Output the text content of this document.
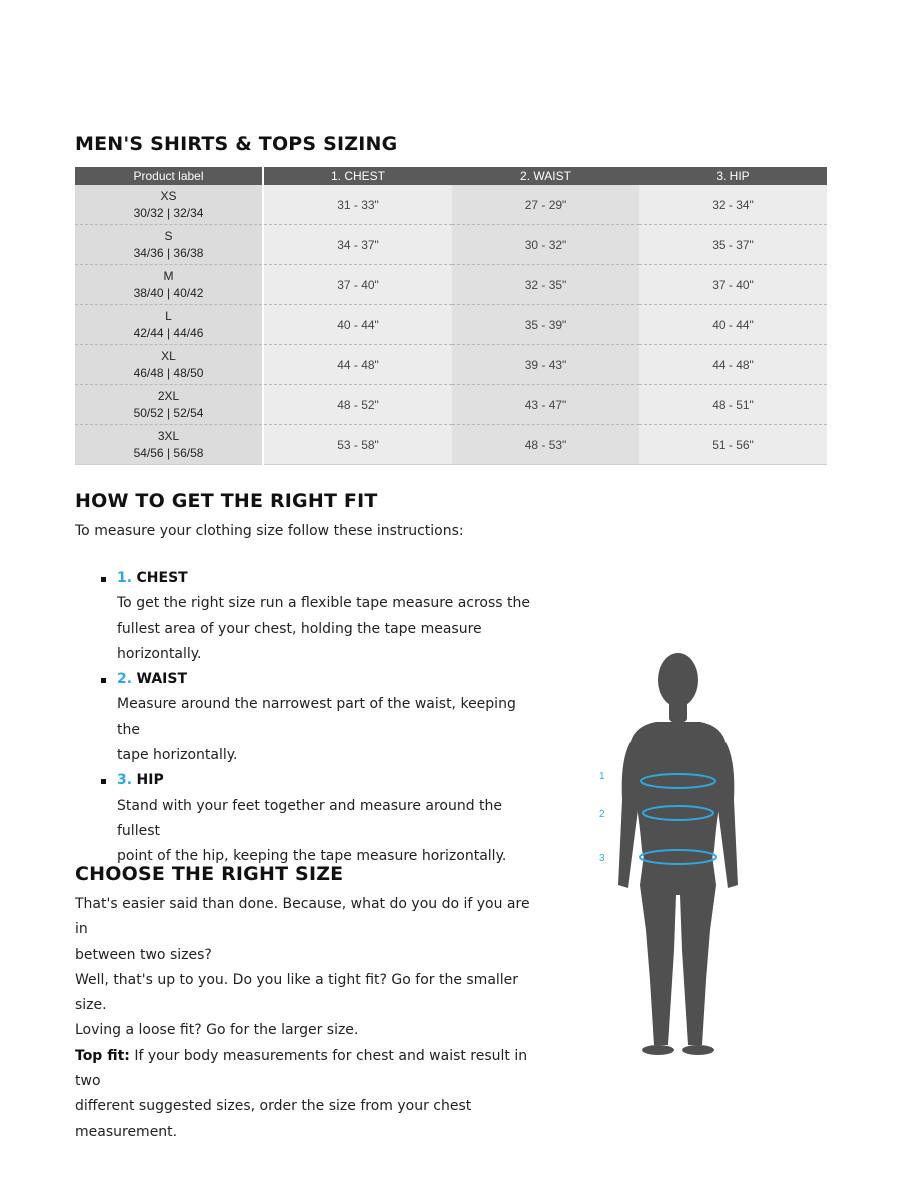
MEN'S SHIRTS & TOPS SIZING
Product label	1. CHEST	2. WAIST	3. HIP
XS
30/32 | 32/34	31 - 33"	27 - 29"	32 - 34"
S
34/36 | 36/38	34 - 37"	30 - 32"	35 - 37"
M
38/40 | 40/42	37 - 40"	32 - 35"	37 - 40"
L
42/44 | 44/46	40 - 44"	35 - 39"	40 - 44"
XL
46/48 | 48/50	44 - 48"	39 - 43"	44 - 48"
2XL
50/52 | 52/54	48 - 52"	43 - 47"	48 - 51"
3XL
54/56 | 56/58	53 - 58"	48 - 53"	51 - 56"
HOW TO GET THE RIGHT FIT

To measure your clothing size follow these instructions:

1. CHEST
To get the right size run a flexible tape measure across the
fullest area of your chest, holding the tape measure
horizontally.
2. WAIST
Measure around the narrowest part of the waist, keeping the
tape horizontally.
3. HIP
Stand with your feet together and measure around the fullest
point of the hip, keeping the tape measure horizontally.
CHOOSE THE RIGHT SIZE

That's easier said than done. Because, what do you do if you are in
between two sizes?
Well, that's up to you. Do you like a tight fit? Go for the smaller size.
Loving a loose fit? Go for the larger size.
Top fit: If your body measurements for chest and waist result in two
different suggested sizes, order the size from your chest
measurement.

1
2
3
